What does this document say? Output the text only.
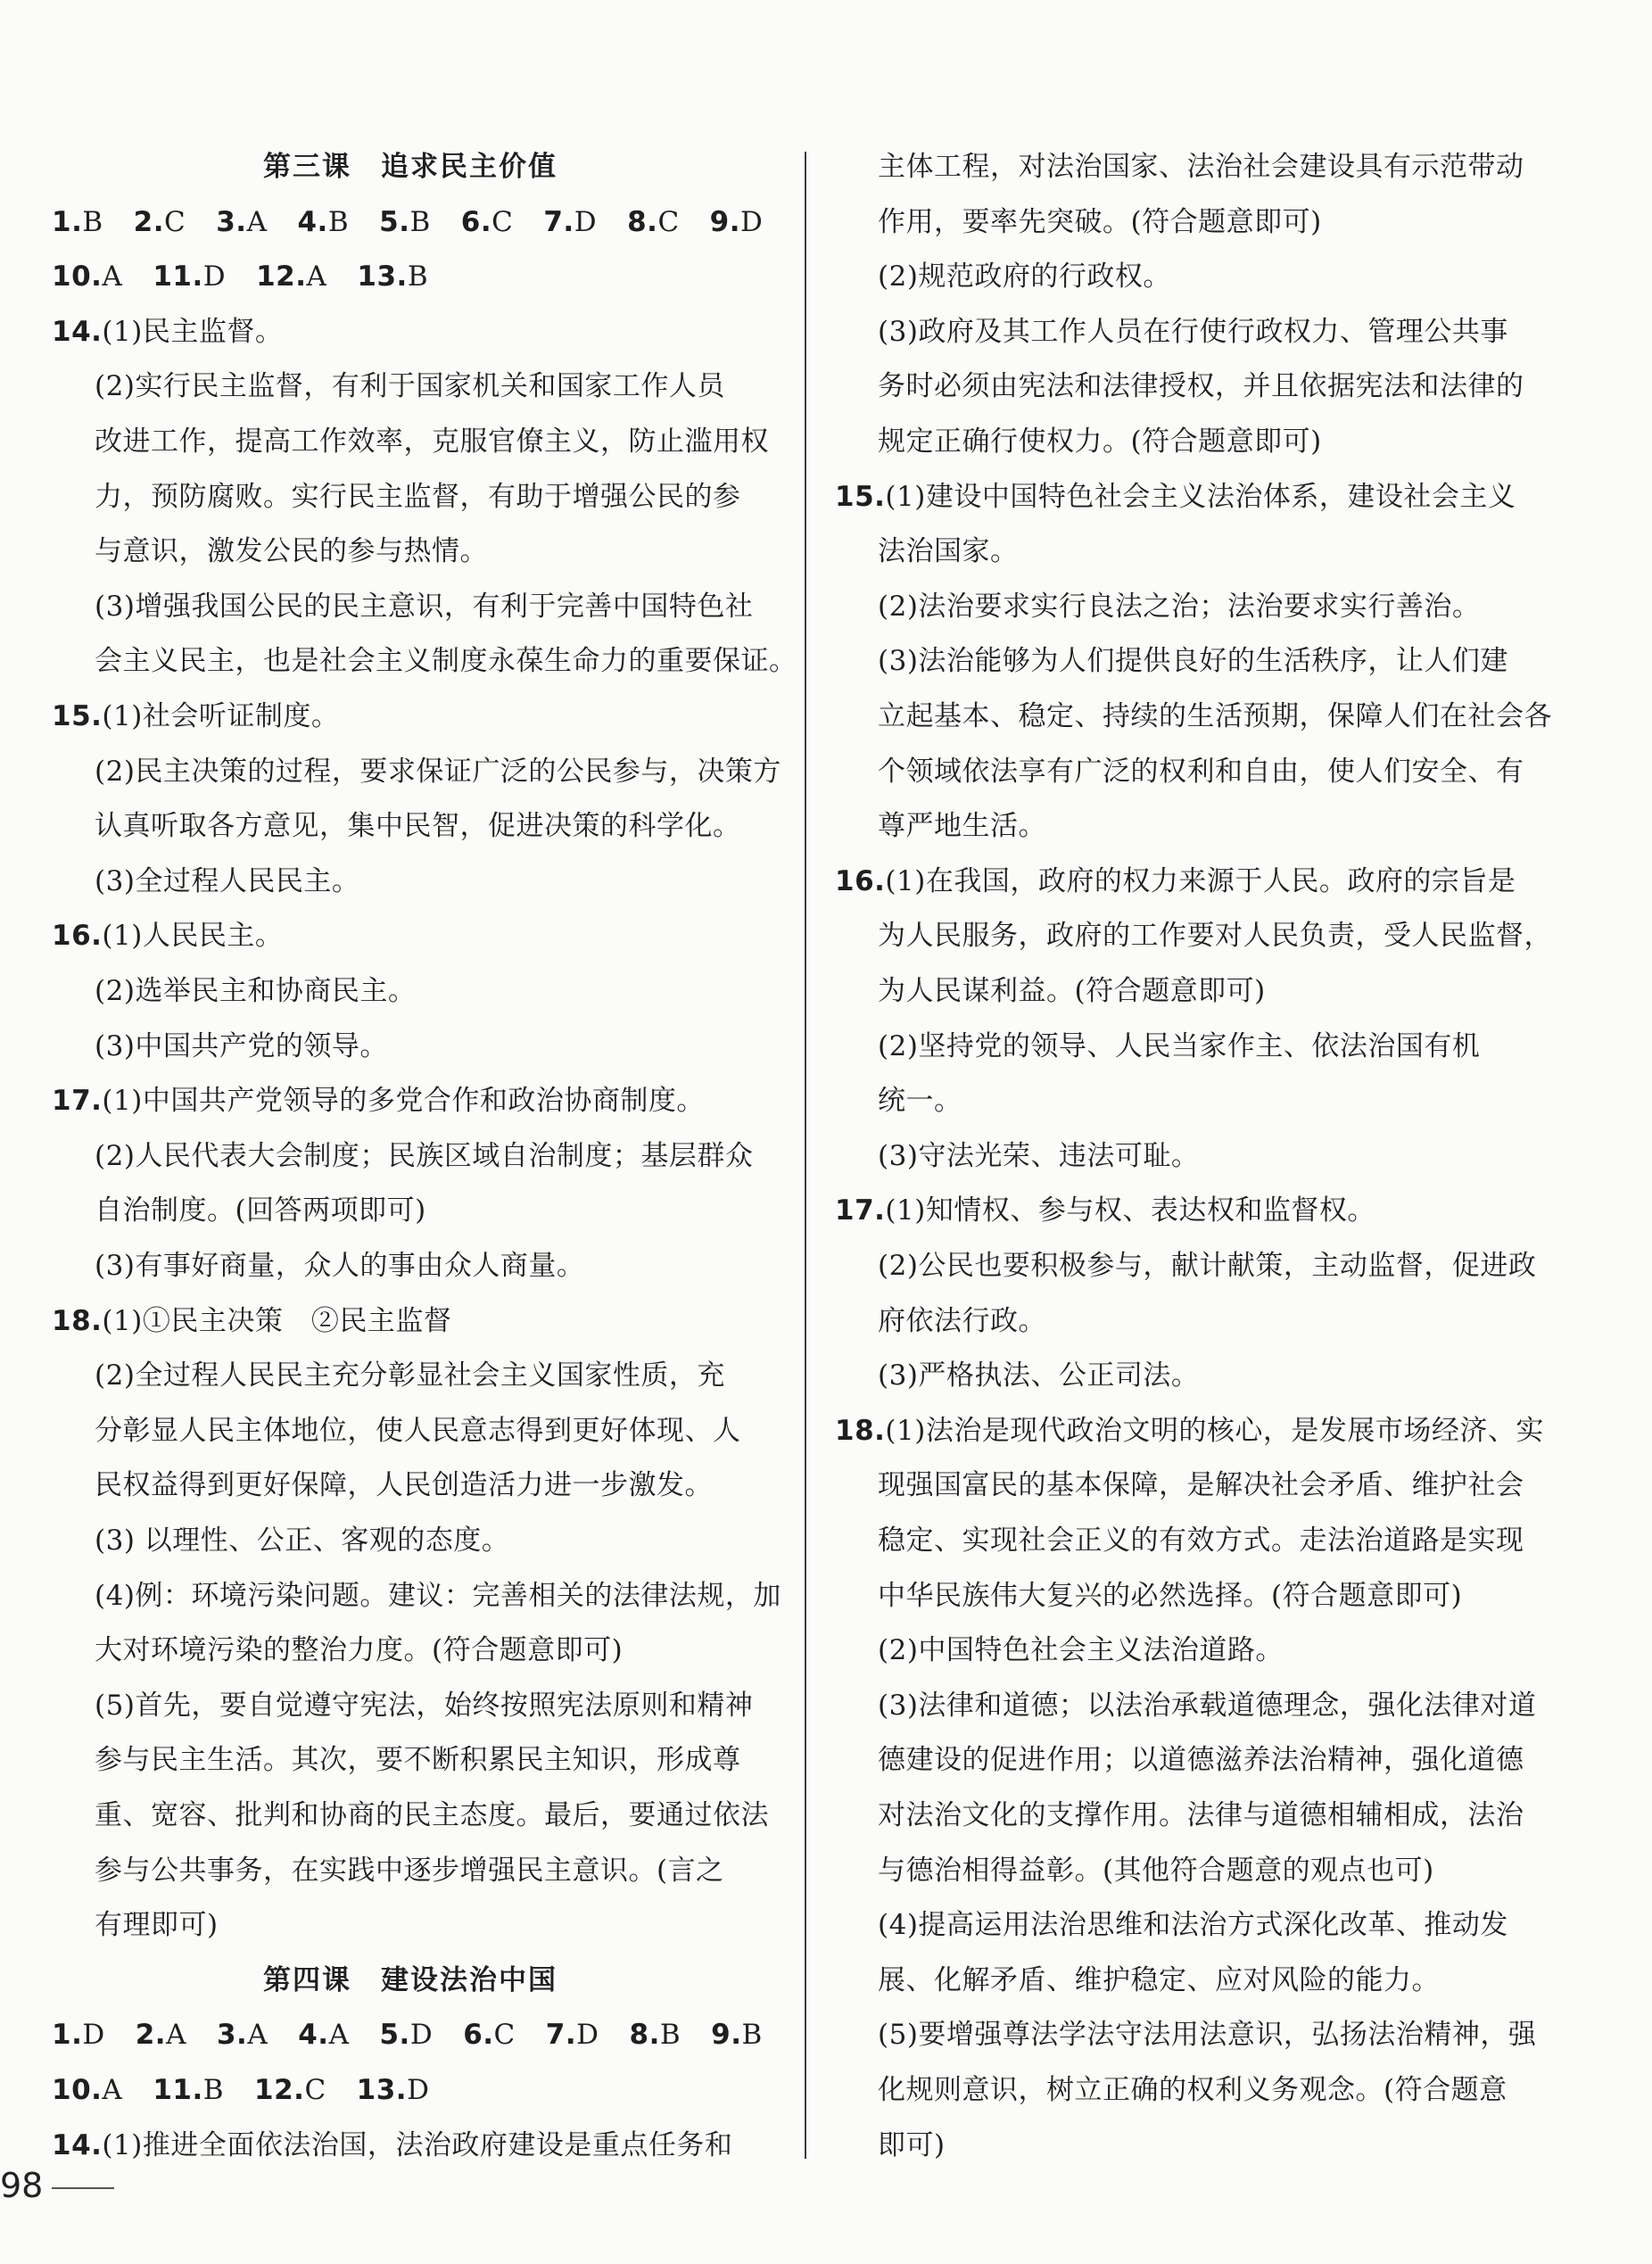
第三课　追求民主价值
1.B 2.C 3.A 4.B 5.B 6.C 7.D 8.C 9.D
10.A 11.D 12.A 13.B
14.(1)民主监督。
(2)实行民主监督，有利于国家机关和国家工作人员
改进工作，提高工作效率，克服官僚主义，防止滥用权
力，预防腐败。实行民主监督，有助于增强公民的参
与意识，激发公民的参与热情。
(3)增强我国公民的民主意识，有利于完善中国特色社
会主义民主，也是社会主义制度永葆生命力的重要保证。
15.(1)社会听证制度。
(2)民主决策的过程，要求保证广泛的公民参与，决策方
认真听取各方意见，集中民智，促进决策的科学化。
(3)全过程人民民主。
16.(1)人民民主。
(2)选举民主和协商民主。
(3)中国共产党的领导。
17.(1)中国共产党领导的多党合作和政治协商制度。
(2)人民代表大会制度；民族区域自治制度；基层群众
自治制度。(回答两项即可)
(3)有事好商量，众人的事由众人商量。
18.(1)①民主决策　②民主监督
(2)全过程人民民主充分彰显社会主义国家性质，充
分彰显人民主体地位，使人民意志得到更好体现、人
民权益得到更好保障，人民创造活力进一步激发。
(3) 以理性、公正、客观的态度。
(4)例：环境污染问题。建议：完善相关的法律法规，加
大对环境污染的整治力度。(符合题意即可)
(5)首先，要自觉遵守宪法，始终按照宪法原则和精神
参与民主生活。其次，要不断积累民主知识，形成尊
重、宽容、批判和协商的民主态度。最后，要通过依法
参与公共事务，在实践中逐步增强民主意识。(言之
有理即可)
第四课　建设法治中国
1.D 2.A 3.A 4.A 5.D 6.C 7.D 8.B 9.B
10.A 11.B 12.C 13.D
14.(1)推进全面依法治国，法治政府建设是重点任务和
主体工程，对法治国家、法治社会建设具有示范带动
作用，要率先突破。(符合题意即可)
(2)规范政府的行政权。
(3)政府及其工作人员在行使行政权力、管理公共事
务时必须由宪法和法律授权，并且依据宪法和法律的
规定正确行使权力。(符合题意即可)
15.(1)建设中国特色社会主义法治体系，建设社会主义
法治国家。
(2)法治要求实行良法之治；法治要求实行善治。
(3)法治能够为人们提供良好的生活秩序，让人们建
立起基本、稳定、持续的生活预期，保障人们在社会各
个领域依法享有广泛的权利和自由，使人们安全、有
尊严地生活。
16.(1)在我国，政府的权力来源于人民。政府的宗旨是
为人民服务，政府的工作要对人民负责，受人民监督，
为人民谋利益。(符合题意即可)
(2)坚持党的领导、人民当家作主、依法治国有机
统一。
(3)守法光荣、违法可耻。
17.(1)知情权、参与权、表达权和监督权。
(2)公民也要积极参与，献计献策，主动监督，促进政
府依法行政。
(3)严格执法、公正司法。
18.(1)法治是现代政治文明的核心，是发展市场经济、实
现强国富民的基本保障，是解决社会矛盾、维护社会
稳定、实现社会正义的有效方式。走法治道路是实现
中华民族伟大复兴的必然选择。(符合题意即可)
(2)中国特色社会主义法治道路。
(3)法律和道德；以法治承载道德理念，强化法律对道
德建设的促进作用；以道德滋养法治精神，强化道德
对法治文化的支撑作用。法律与道德相辅相成，法治
与德治相得益彰。(其他符合题意的观点也可)
(4)提高运用法治思维和法治方式深化改革、推动发
展、化解矛盾、维护稳定、应对风险的能力。
(5)要增强尊法学法守法用法意识，弘扬法治精神，强
化规则意识，树立正确的权利义务观念。(符合题意
即可)
98
